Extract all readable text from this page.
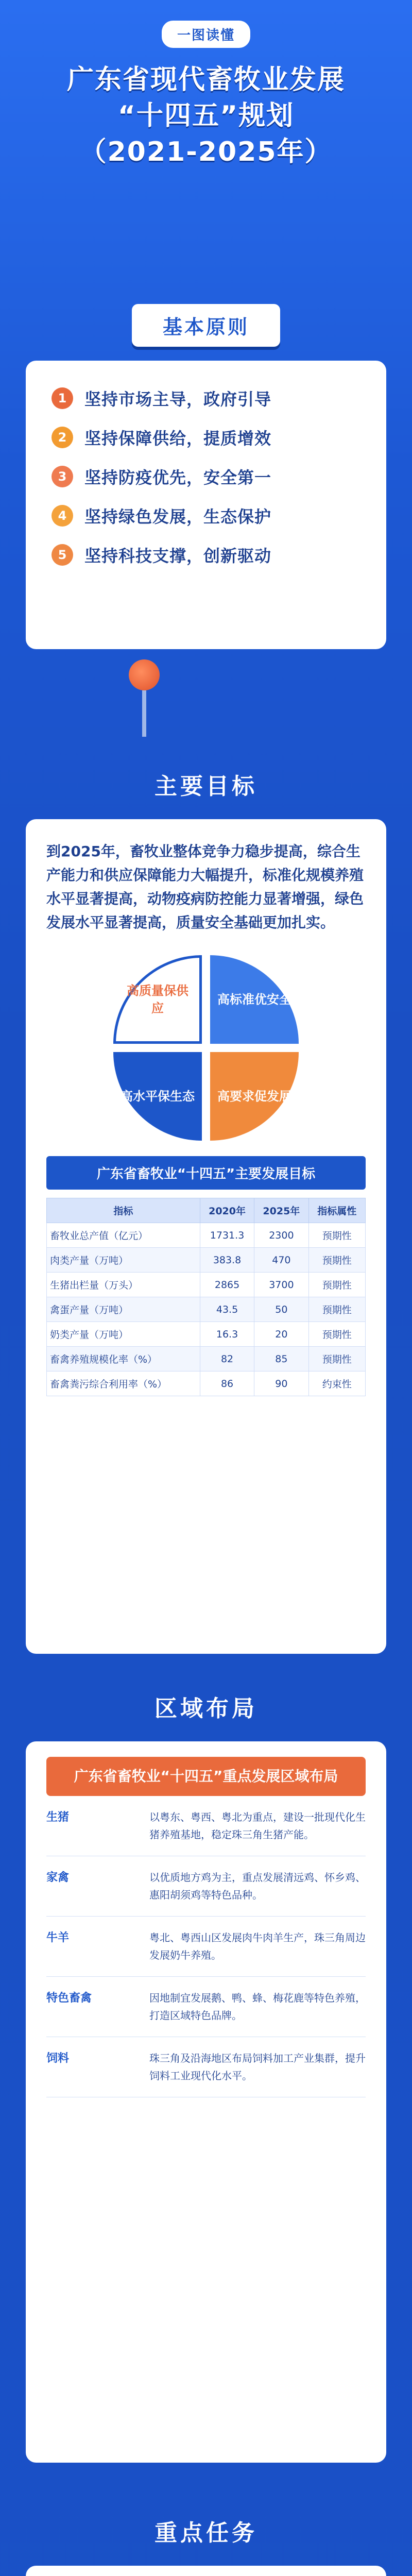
一图读懂
广东省现代畜牧业发展
“十四五”规划
（2021-2025年）
基本原则
1	坚持市场主导，政府引导
2	坚持保障供给，提质增效
3	坚持防疫优先，安全第一
4	坚持绿色发展，生态保护
5	坚持科技支撑，创新驱动
主要目标
到2025年，畜牧业整体竞争力稳步提高，综合生产能力和供应保障能力大幅提升，标准化规模养殖水平显著提高，动物疫病防控能力显著增强，绿色发展水平显著提高，质量安全基础更加扎实。
高质量保供应
高标准优安全
高水平保生态	高要求促发展
广东省畜牧业“十四五”主要发展目标
指标	2020年	2025年	指标属性
畜牧业总产值（亿元）	1731.3	2300	预期性
肉类产量（万吨）	383.8	470	预期性
生猪出栏量（万头）	2865	3700	预期性
禽蛋产量（万吨）	43.5	50	预期性
奶类产量（万吨）	16.3	20	预期性
畜禽养殖规模化率（%）	82	85	预期性
畜禽粪污综合利用率（%）	86	90	约束性
区域布局
广东省畜牧业“十四五”重点发展区域布局
生猪	以粤东、粤西、粤北为重点，建设一批现代化生猪养殖基地，稳定珠三角生猪产能。
家禽	以优质地方鸡为主，重点发展清远鸡、怀乡鸡、惠阳胡须鸡等特色品种。
牛羊	粤北、粤西山区发展肉牛肉羊生产，珠三角周边发展奶牛养殖。
特色畜禽	因地制宜发展鹅、鸭、蜂、梅花鹿等特色养殖，打造区域特色品牌。
饲料	珠三角及沿海地区布局饲料加工产业集群，提升饲料工业现代化水平。
重点任务
